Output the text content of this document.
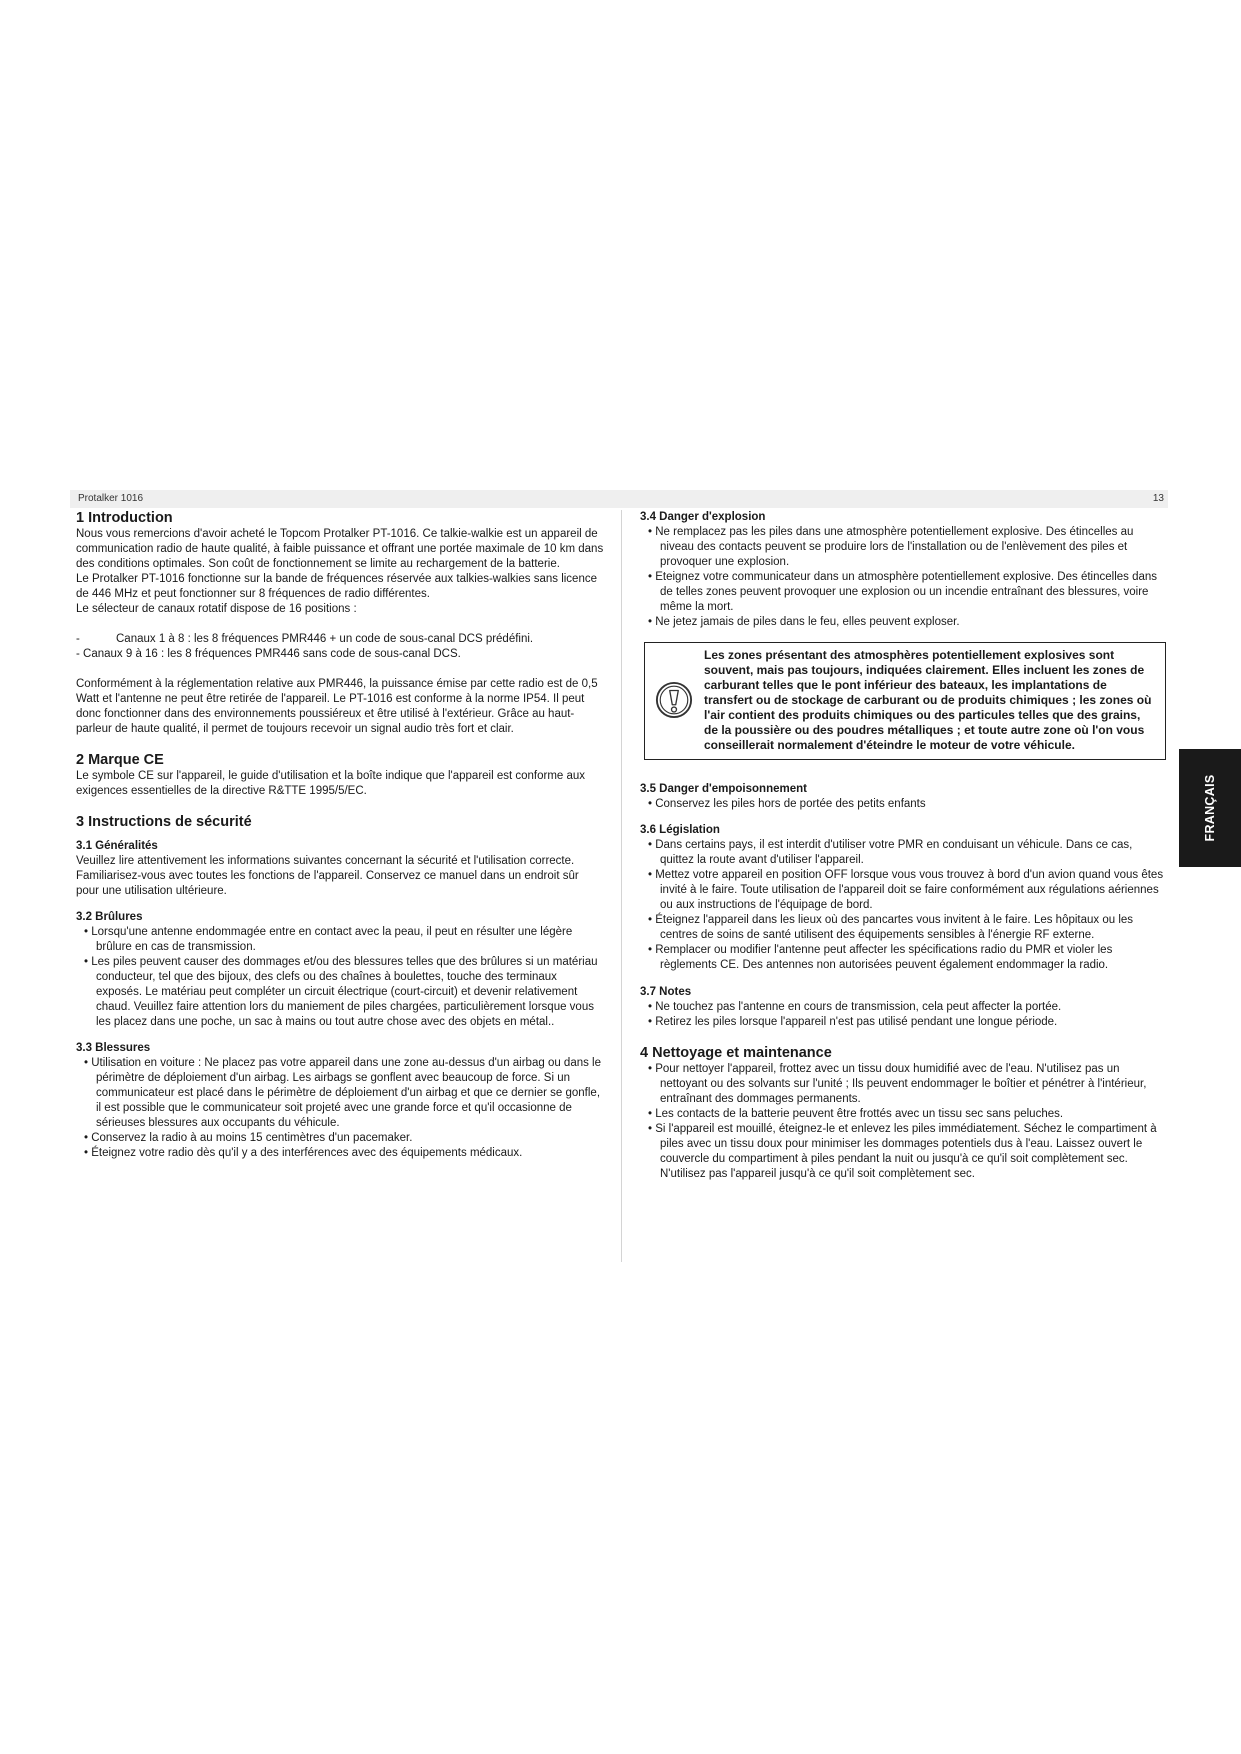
Protalker 1016	13
1 Introduction

Nous vous remercions d'avoir acheté le Topcom Protalker PT-1016. Ce talkie-walkie est un appareil de communication radio de haute qualité, à faible puissance et offrant une portée maximale de 10 km dans des conditions optimales. Son coût de fonctionnement se limite au rechargement de la batterie.

Le Protalker PT-1016 fonctionne sur la bande de fréquences réservée aux talkies-walkies sans licence de 446 MHz et peut fonctionner sur 8 fréquences de radio différentes.

Le sélecteur de canaux rotatif dispose de 16 positions :

-	Canaux 1 à 8 : les 8 fréquences PMR446 + un code de sous-canal DCS prédéfini.

- Canaux 9 à 16 : les 8 fréquences PMR446 sans code de sous-canal DCS.

Conformément à la réglementation relative aux PMR446, la puissance émise par cette radio est de 0,5 Watt et l'antenne ne peut être retirée de l'appareil. Le PT-1016 est conforme à la norme IP54. Il peut donc fonctionner dans des environnements poussiéreux et être utilisé à l'extérieur. Grâce au haut-parleur de haute qualité, il permet de toujours recevoir un signal audio très fort et clair.

2 Marque CE

Le symbole CE sur l'appareil, le guide d'utilisation et la boîte indique que l'appareil est conforme aux exigences essentielles de la directive R&TTE 1995/5/EC.

3 Instructions de sécurité
3.1 Généralités

Veuillez lire attentivement les informations suivantes concernant la sécurité et l'utilisation correcte. Familiarisez-vous avec toutes les fonctions de l'appareil. Conservez ce manuel dans un endroit sûr pour une utilisation ultérieure.

3.2 Brûlures
• Lorsqu'une antenne endommagée entre en contact avec la peau, il peut en résulter une légère brûlure en cas de transmission.
• Les piles peuvent causer des dommages et/ou des blessures telles que des brûlures si un matériau conducteur, tel que des bijoux, des clefs ou des chaînes à boulettes, touche des terminaux exposés. Le matériau peut compléter un circuit électrique (court-circuit) et devenir relativement chaud. Veuillez faire attention lors du maniement de piles chargées, particulièrement lorsque vous les placez dans une poche, un sac à mains ou tout autre chose avec des objets en métal..
3.3 Blessures
• Utilisation en voiture : Ne placez pas votre appareil dans une zone au-dessus d'un airbag ou dans le périmètre de déploiement d'un airbag. Les airbags se gonflent avec beaucoup de force. Si un communicateur est placé dans le périmètre de déploiement d'un airbag et que ce dernier se gonfle, il est possible que le communicateur soit projeté avec une grande force et qu'il occasionne de sérieuses blessures aux occupants du véhicule.
• Conservez la radio à au moins 15 centimètres d'un pacemaker.
• Éteignez votre radio dès qu'il y a des interférences avec des équipements médicaux.
3.4 Danger d'explosion
• Ne remplacez pas les piles dans une atmosphère potentiellement explosive. Des étincelles au niveau des contacts peuvent se produire lors de l'installation ou de l'enlèvement des piles et provoquer une explosion.
• Eteignez votre communicateur dans un atmosphère potentiellement explosive. Des étincelles dans de telles zones peuvent provoquer une explosion ou un incendie entraînant des blessures, voire même la mort.
• Ne jetez jamais de piles dans le feu, elles peuvent exploser.

Les zones présentant des atmosphères potentiellement explosives sont souvent, mais pas toujours, indiquées clairement. Elles incluent les zones de carburant telles que le pont inférieur des bateaux, les implantations de transfert ou de stockage de carburant ou de produits chimiques ; les zones où l'air contient des produits chimiques ou des particules telles que des grains, de la poussière ou des poudres métalliques ; et toute autre zone où l'on vous conseillerait normalement d'éteindre le moteur de votre véhicule.

3.5 Danger d'empoisonnement
• Conservez les piles hors de portée des petits enfants
3.6 Législation
• Dans certains pays, il est interdit d'utiliser votre PMR en conduisant un véhicule. Dans ce cas, quittez la route avant d'utiliser l'appareil.
• Mettez votre appareil en position OFF lorsque vous vous trouvez à bord d'un avion quand vous êtes invité à le faire. Toute utilisation de l'appareil doit se faire conformément aux régulations aériennes ou aux instructions de l'équipage de bord.
• Éteignez l'appareil dans les lieux où des pancartes vous invitent à le faire. Les hôpitaux ou les centres de soins de santé utilisent des équipements sensibles à l'énergie RF externe.
• Remplacer ou modifier l'antenne peut affecter les spécifications radio du PMR et violer les règlements CE. Des antennes non autorisées peuvent également endommager la radio.
3.7 Notes
• Ne touchez pas l'antenne en cours de transmission, cela peut affecter la portée.
• Retirez les piles lorsque l'appareil n'est pas utilisé pendant une longue période.
4 Nettoyage et maintenance
• Pour nettoyer l'appareil, frottez avec un tissu doux humidifié avec de l'eau. N'utilisez pas un nettoyant ou des solvants sur l'unité ; Ils peuvent endommager le boîtier et pénétrer à l'intérieur, entraînant des dommages permanents.
• Les contacts de la batterie peuvent être frottés avec un tissu sec sans peluches.
• Si l'appareil est mouillé, éteignez-le et enlevez les piles immédiatement. Séchez le compartiment à piles avec un tissu doux pour minimiser les dommages potentiels dus à l'eau. Laissez ouvert le couvercle du compartiment à piles pendant la nuit ou jusqu'à ce qu'il soit complètement sec. N'utilisez pas l'appareil jusqu'à ce qu'il soit complètement sec.
FRANÇAIS
